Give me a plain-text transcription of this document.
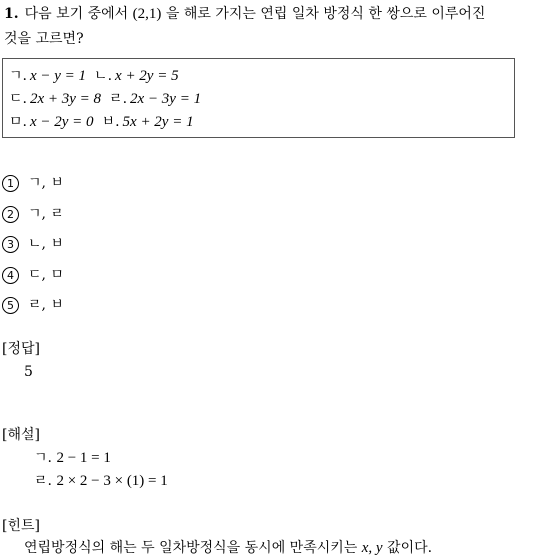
1. 다음 보기 중에서 (2,1) 을 해로 가지는 연립 일차 방정식 한 쌍으로 이루어진
것을 고르면?
ㄱ. x − y = 1 ㄴ. x + 2y = 5
ㄷ. 2x + 3y = 8 ㄹ. 2x − 3y = 1
ㅁ. x − 2y = 0 ㅂ. 5x + 2y = 1
1 ㄱ, ㅂ
2 ㄱ, ㄹ
3 ㄴ, ㅂ
4 ㄷ, ㅁ
5 ㄹ, ㅂ
[정답]
5
[해설]
ㄱ. 2 − 1 = 1
ㄹ. 2 × 2 − 3 × (1) = 1
[힌트]
연립방정식의 해는 두 일차방정식을 동시에 만족시키는 x, y 값이다.
